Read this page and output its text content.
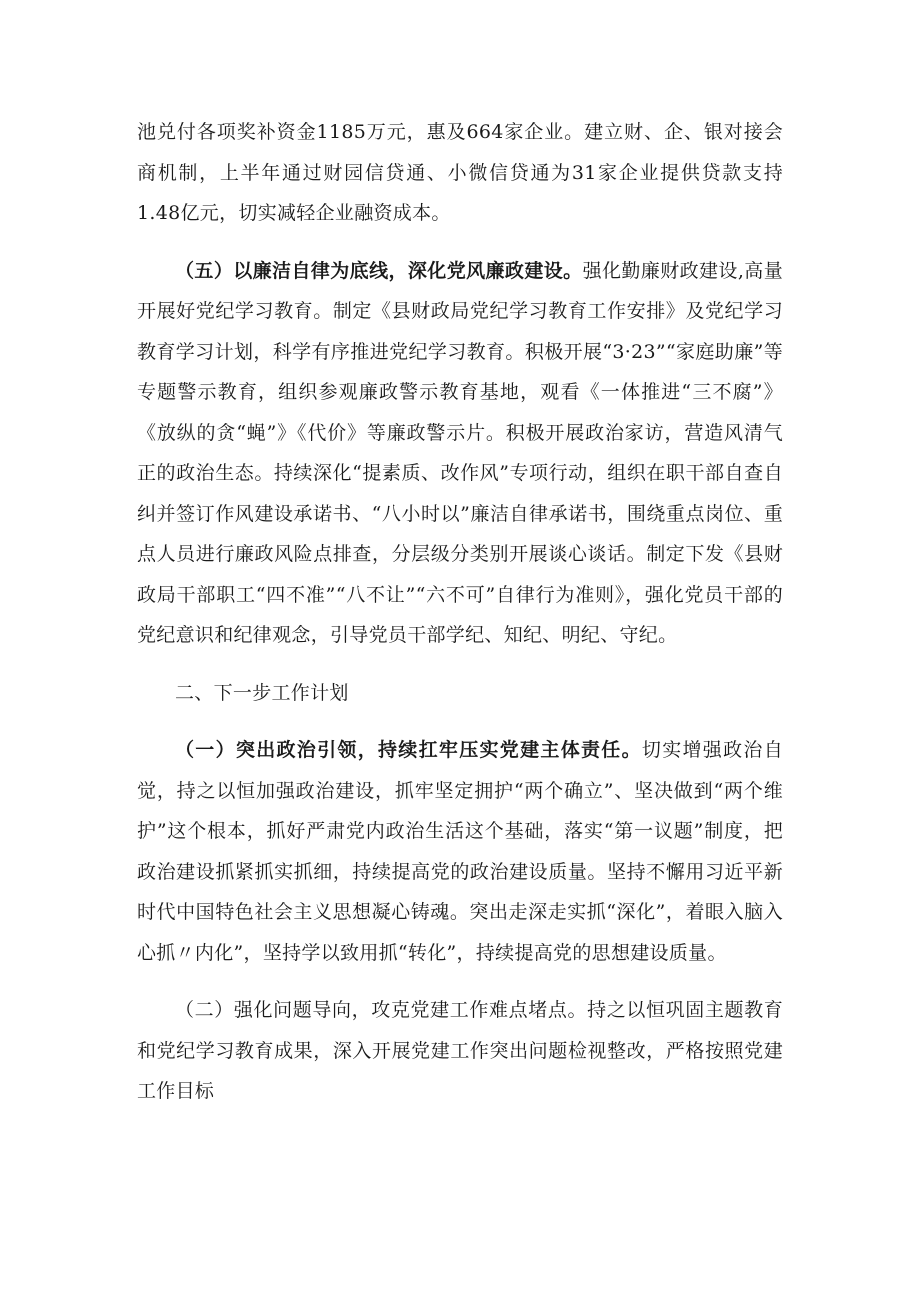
池兑付各项奖补资金1185万元，惠及664家企业。建立财、企、银对接会商机制，上半年通过财园信贷通、小微信贷通为31家企业提供贷款支持1.48亿元，切实减轻企业融资成本。

（五）以廉洁自律为底线，深化党风廉政建设。强化勤廉财政建设,高量开展好党纪学习教育。制定《县财政局党纪学习教育工作安排》及党纪学习教育学习计划，科学有序推进党纪学习教育。积极开展“3·23”“家庭助廉”等专题警示教育，组织参观廉政警示教育基地，观看《一体推进“三不腐”》《放纵的贪“蝇”》《代价》等廉政警示片。积极开展政治家访，营造风清气正的政治生态。持续深化“提素质、改作风”专项行动，组织在职干部自查自纠并签订作风建设承诺书、“八小时以”廉洁自律承诺书，围绕重点岗位、重点人员进行廉政风险点排查，分层级分类别开展谈心谈话。制定下发《县财政局干部职工“四不准”“八不让”“六不可”自律行为准则》，强化党员干部的党纪意识和纪律观念，引导党员干部学纪、知纪、明纪、守纪。

二、下一步工作计划

（一）突出政治引领，持续扛牢压实党建主体责任。切实增强政治自觉，持之以恒加强政治建设，抓牢坚定拥护“两个确立”、坚决做到“两个维护”这个根本，抓好严肃党内政治生活这个基础，落实“第一议题”制度，把政治建设抓紧抓实抓细，持续提高党的政治建设质量。坚持不懈用习近平新时代中国特色社会主义思想凝心铸魂。突出走深走实抓“深化”，着眼入脑入心抓〃内化”，坚持学以致用抓“转化”，持续提高党的思想建设质量。

（二）强化问题导向，攻克党建工作难点堵点。持之以恒巩固主题教育和党纪学习教育成果，深入开展党建工作突出问题检视整改，严格按照党建工作目标
